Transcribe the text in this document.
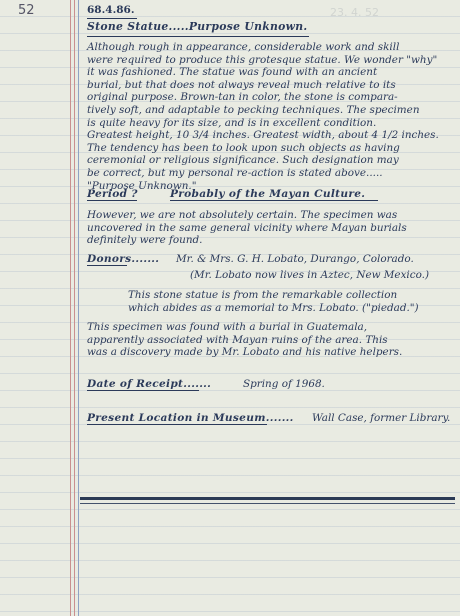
52	23. 4. 52
68.4.86.
Stone Statue.....Purpose Unknown.
Although rough in appearance, considerable work and skill
were required to produce this grotesque statue. We wonder "why"
it was fashioned. The statue was found with an ancient
burial, but that does not always reveal much relative to its
original purpose. Brown-tan in color, the stone is compara-
tively soft, and adaptable to pecking techniques. The specimen
is quite heavy for its size, and is in excellent condition.
Greatest height, 10 3/4 inches. Greatest width, about 4 1/2 inches.
The tendency has been to look upon such objects as having
ceremonial or religious significance. Such designation may
be correct, but my personal re-action is stated above.....
"Purpose Unknown."
Period ?	Probably of the Mayan Culture.
However, we are not absolutely certain. The specimen was
uncovered in the same general vicinity where Mayan burials
definitely were found.
Donors....... Mr. & Mrs. G. H. Lobato, Durango, Colorado.
(Mr. Lobato now lives in Aztec, New Mexico.)
This stone statue is from the remarkable collection
which abides as a memorial to Mrs. Lobato. ("piedad.")
This specimen was found with a burial in Guatemala,
apparently associated with Mayan ruins of the area. This
was a discovery made by Mr. Lobato and his native helpers.
Date of Receipt.......	Spring of 1968.
Present Location in Museum....... Wall Case, former Library.
